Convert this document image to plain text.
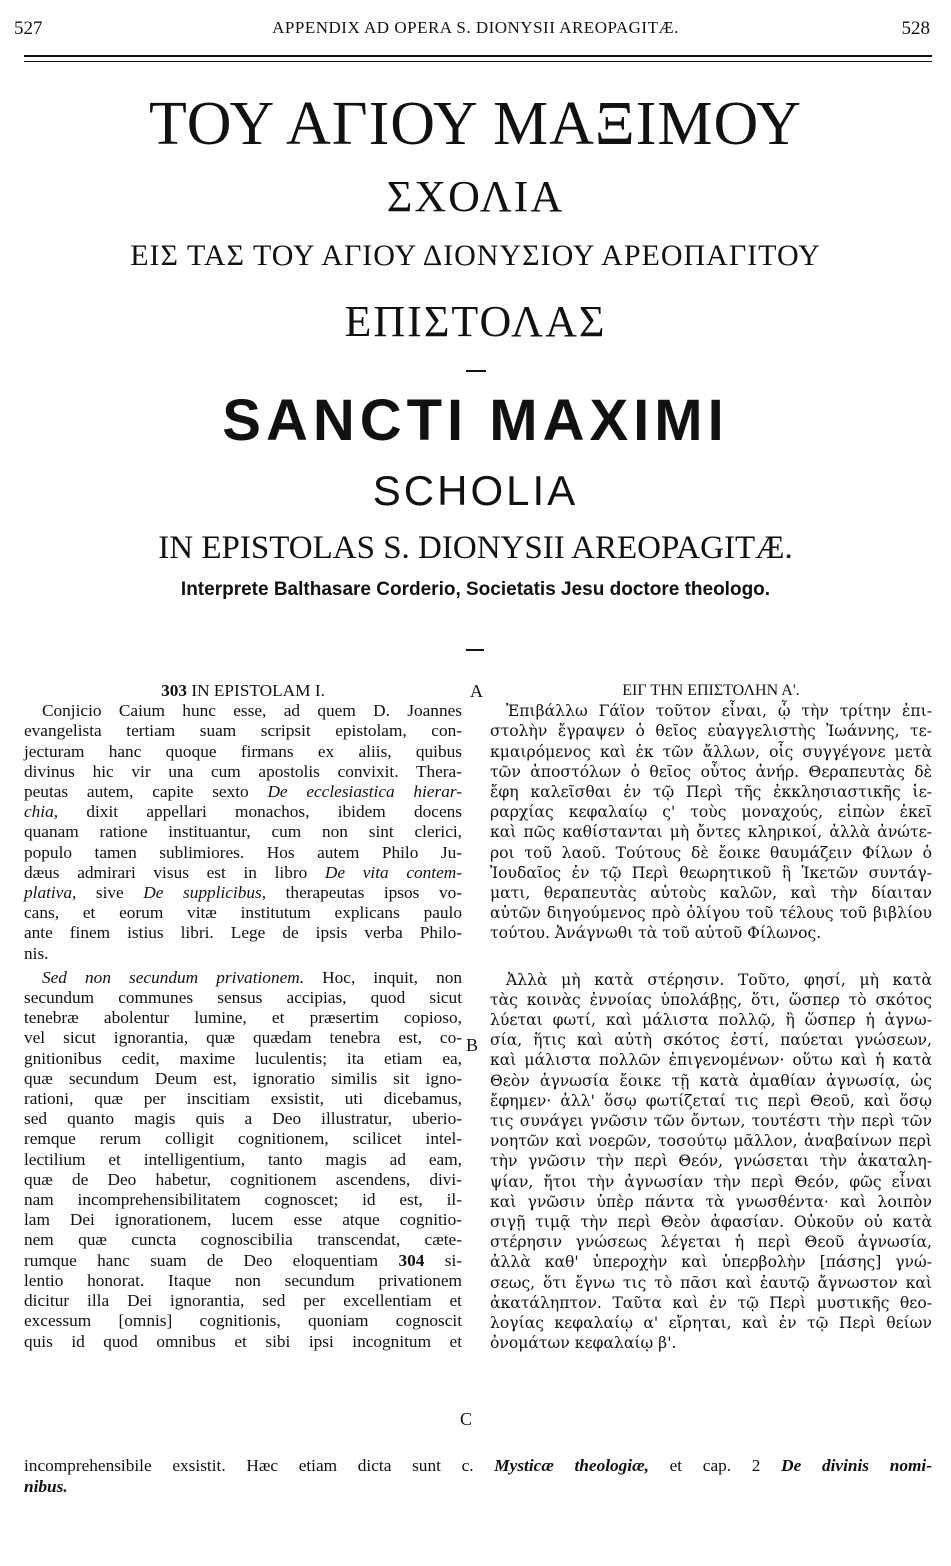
527	APPENDIX AD OPERA S. DIONYSII AREOPAGITÆ.	528
ΤΟΥ ΑΓΙΟΥ ΜΑΞΙΜΟΥ
ΣΧΟΛΙΑ
ΕΙΣ ΤΑΣ ΤΟΥ ΑΓΙΟΥ ΔΙΟΝΥΣΙΟΥ ΑΡΕΟΠΑΓΙΤΟΥ
ΕΠΙΣΤΟΛΑΣ
SANCTI MAXIMI
SCHOLIA
IN EPISTOLAS S. DIONYSII AREOPAGITÆ.
Interprete Balthasare Corderio, Societatis Jesu doctore theologo.
303 IN EPISTOLAM I.
Conjicio Caium hunc esse, ad quem D. Joannes
evangelista tertiam suam scripsit epistolam, con-
jecturam hanc quoque firmans ex aliis, quibus
divinus hic vir una cum apostolis convixit. Thera-
peutas autem, capite sexto De ecclesiastica hierar-
chia, dixit appellari monachos, ibidem docens
quanam ratione instituantur, cum non sint clerici,
populo tamen sublimiores. Hos autem Philo Ju-
dæus admirari visus est in libro De vita contem-
plativa, sive De supplicibus, therapeutas ipsos vo-
cans, et eorum vitæ institutum explicans paulo
ante finem istius libri. Lege de ipsis verba Philo-
nis.
Sed non secundum privationem. Hoc, inquit, non
secundum communes sensus accipias, quod sicut
tenebræ abolentur lumine, et præsertim copioso,
vel sicut ignorantia, quæ quædam tenebra est, co-
gnitionibus cedit, maxime luculentis; ita etiam ea,
quæ secundum Deum est, ignoratio similis sit igno-
rationi, quæ per inscitiam exsistit, uti dicebamus,
sed quanto magis quis a Deo illustratur, uberio-
remque rerum colligit cognitionem, scilicet intel-
lectilium et intelligentium, tanto magis ad eam,
quæ de Deo habetur, cognitionem ascendens, divi-
nam incomprehensibilitatem cognoscet; id est, il-
lam Dei ignorationem, lucem esse atque cognitio-
nem quæ cuncta cognoscibilia transcendat, cæte-
rumque hanc suam de Deo eloquentiam 304 si-
lentio honorat. Itaque non secundum privationem
dicitur illa Dei ignorantia, sed per excellentiam et
excessum [omnis] cognitionis, quoniam cognoscit
quis id quod omnibus et sibi ipsi incognitum et
A
B
C
ΕΙΓ ΤΗΝ ΕΠΙΣΤΟΛΗΝ Α'.
Ἐπιβάλλω Γάϊον τοῦτον εἶναι, ᾧ τὴν τρίτην ἐπι-
στολὴν ἔγραψεν ὁ θεῖος εὐαγγελιστὴς Ἰωάννης, τε-
κμαιρόμενος καὶ ἐκ τῶν ἄλλων, οἷς συγγέγονε μετὰ
τῶν ἀποστόλων ὁ θεῖος οὗτος ἀνήρ. Θεραπευτὰς δὲ
ἔφη καλεῖσθαι ἐν τῷ Περὶ τῆς ἐκκλησιαστικῆς ἱε-
ραρχίας κεφαλαίῳ ς' τοὺς μοναχούς, εἰπὼν ἐκεῖ
καὶ πῶς καθίστανται μὴ ὄντες κληρικοί, ἀλλὰ ἀνώτε-
ροι τοῦ λαοῦ. Τούτους δὲ ἔοικε θαυμάζειν Φίλων ὁ
Ἰουδαῖος ἐν τῷ Περὶ θεωρητικοῦ ἢ Ἱκετῶν συντάγ-
ματι, θεραπευτὰς αὐτοὺς καλῶν, καὶ τὴν δίαιταν
αὐτῶν διηγούμενος πρὸ ὀλίγου τοῦ τέλους τοῦ βιβλίου
τούτου. Ἀνάγνωθι τὰ τοῦ αὐτοῦ Φίλωνος.
Ἀλλὰ μὴ κατὰ στέρησιν. Τοῦτο, φησί, μὴ κατὰ
τὰς κοινὰς ἐννοίας ὑπολάβῃς, ὅτι, ὥσπερ τὸ σκότος
λύεται φωτί, καὶ μάλιστα πολλῷ, ἢ ὥσπερ ἡ ἀγνω-
σία, ἥτις καὶ αὐτὴ σκότος ἐστί, παύεται γνώσεων,
καὶ μάλιστα πολλῶν ἐπιγενομένων· οὕτω καὶ ἡ κατὰ
Θεὸν ἀγνωσία ἔοικε τῇ κατὰ ἀμαθίαν ἀγνωσίᾳ, ὡς
ἔφημεν· ἀλλ' ὅσῳ φωτίζεταί τις περὶ Θεοῦ, καὶ ὅσῳ
τις συνάγει γνῶσιν τῶν ὄντων, τουτέστι τὴν περὶ τῶν
νοητῶν καὶ νοερῶν, τοσούτῳ μᾶλλον, ἀναβαίνων περὶ
τὴν γνῶσιν τὴν περὶ Θεόν, γνώσεται τὴν ἀκαταλη-
ψίαν, ἤτοι τὴν ἀγνωσίαν τὴν περὶ Θεόν, φῶς εἶναι
καὶ γνῶσιν ὑπὲρ πάντα τὰ γνωσθέντα· καὶ λοιπὸν
σιγῇ τιμᾷ τὴν περὶ Θεὸν ἀφασίαν. Οὐκοῦν οὐ κατὰ
στέρησιν γνώσεως λέγεται ἡ περὶ Θεοῦ ἀγνωσία,
ἀλλὰ καθ' ὑπεροχὴν καὶ ὑπερβολὴν [πάσης] γνώ-
σεως, ὅτι ἔγνω τις τὸ πᾶσι καὶ ἑαυτῷ ἄγνωστον καὶ
ἀκατάληπτον. Ταῦτα καὶ ἐν τῷ Περὶ μυστικῆς θεο-
λογίας κεφαλαίῳ α' εἴρηται, καὶ ἐν τῷ Περὶ θείων
ὀνομάτων κεφαλαίῳ β'.
incomprehensibile exsistit. Hæc etiam dicta sunt c. Mysticæ theologiæ, et cap. 2 De divinis nomi-
nibus.
